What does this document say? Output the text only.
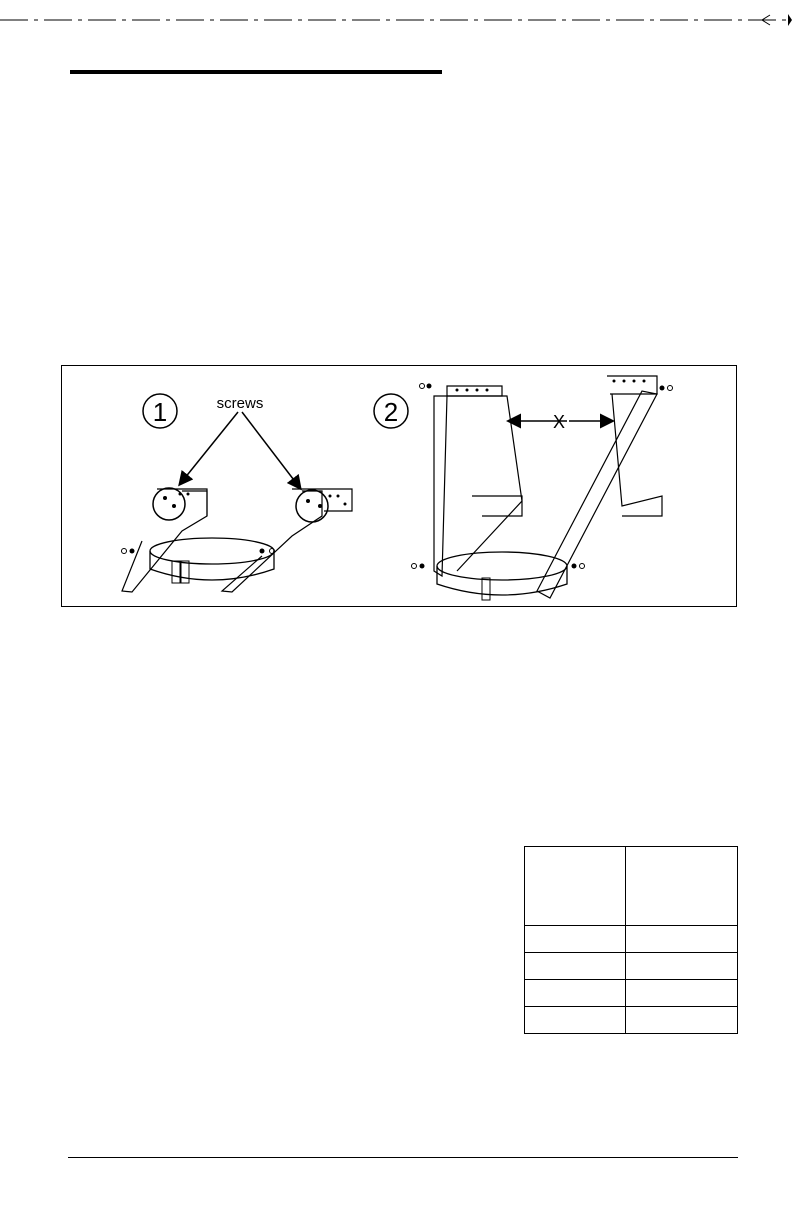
1	screws	2	X
